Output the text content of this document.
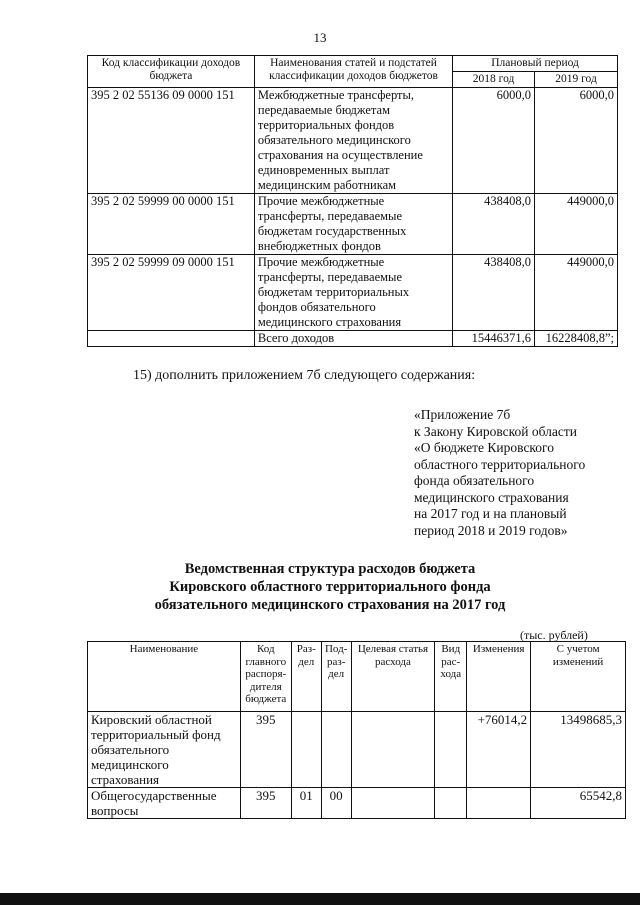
13
Код классификации доходов бюджета	Наименования статей и подстатей классификации доходов бюджетов	Плановый период	
		2018 год	2019 год
395 2 02 55136 09 0000 151	Межбюджетные трансферты, передаваемые бюджетам территориальных фондов обязательного медицинского страхования на осуществление единовременных выплат медицинским работникам	6000,0	6000,0
395 2 02 59999 00 0000 151	Прочие межбюджетные трансферты, передаваемые бюджетам государственных внебюджетных фондов	438408,0	449000,0
395 2 02 59999 09 0000 151	Прочие межбюджетные трансферты, передаваемые бюджетам территориальных фондов обязательного медицинского страхования	438408,0	449000,0
	Всего доходов	15446371,6	16228408,8”;
15) дополнить приложением 7б следующего содержания:
«Приложение 7б
к Закону Кировской области
«О бюджете Кировского
областного территориального
фонда обязательного
медицинского страхования
на 2017 год и на плановый
период 2018 и 2019 годов»
Ведомственная структура расходов бюджета
Кировского областного территориального фонда
обязательного медицинского страхования на 2017 год
(тыс. рублей)
Наименование	Код главного распоря-дителя бюджета	Раз-дел	Под-раз-дел	Целевая статья расхода	Вид рас-хода	Изменения	С учетом изменений
Кировский областной территориальный фонд обязательного медицинского страхования	395					+76014,2	13498685,3
Общегосударственные вопросы	395	01	00				65542,8
